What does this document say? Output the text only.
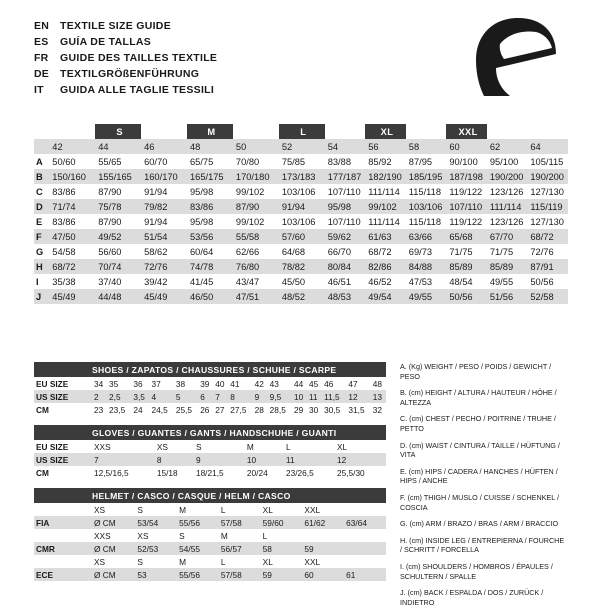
EN	TEXTILE SIZE GUIDE
ES	GUÍA DE TALLAS
FR	GUIDE DES TAILLES TEXTILE
DE	TEXTILGRÖßENFÜHRUNG
IT	GUIDA ALLE TAGLIE TESSILI
		S		M		L		XL		XXL		
	42	44	46	48	50	52	54	56	58	60	62	64
A	50/60	55/65	60/70	65/75	70/80	75/85	83/88	85/92	87/95	90/100	95/100	105/115
B	150/160	155/165	160/170	165/175	170/180	173/183	177/187	182/190	185/195	187/198	190/200	190/200
C	83/86	87/90	91/94	95/98	99/102	103/106	107/110	111/114	115/118	119/122	123/126	127/130
D	71/74	75/78	79/82	83/86	87/90	91/94	95/98	99/102	103/106	107/110	111/114	115/119
E	83/86	87/90	91/94	95/98	99/102	103/106	107/110	111/114	115/118	119/122	123/126	127/130
F	47/50	49/52	51/54	53/56	55/58	57/60	59/62	61/63	63/66	65/68	67/70	68/72
G	54/58	56/60	58/62	60/64	62/66	64/68	66/70	68/72	69/73	71/75	71/75	72/76
H	68/72	70/74	72/76	74/78	76/80	78/82	80/84	82/86	84/88	85/89	85/89	87/91
I	35/38	37/40	39/42	41/45	43/47	45/50	46/51	46/52	47/53	48/54	49/55	50/56
J	45/49	44/48	45/49	46/50	47/51	48/52	48/53	49/54	49/55	50/56	51/56	52/58
SHOES / ZAPATOS / CHAUSSURES / SCHUHE / SCARPE
EU SIZE	34	35	36	37	38	39	40	41	42	43	44	45	46	47	48
US SIZE	2	2,5	3,5	4	5	6	7	8	9	9,5	10	11	11,5	12	13
CM	23	23,5	24	24,5	25,5	26	27	27,5	28	28,5	29	30	30,5	31,5	32
GLOVES / GUANTES / GANTS / HANDSCHUHE / GUANTI
EU SIZE	XXS	XS	S	M	L	XL
US SIZE	7	8	9	10	11	12
CM	12,5/16,5	15/18	18/21,5	20/24	23/26,5	25,5/30
HELMET / CASCO / CASQUE / HELM / CASCO
	XS	S	M	L	XL	XXL	
FIA	Ø CM	53/54	55/56	57/58	59/60	61/62	63/64
	XXS	XS	S	M	L		
CMR	Ø CM	52/53	54/55	56/57	58	59	
	XS	S	M	L	XL	XXL	
ECE	Ø CM	53	55/56	57/58	59	60	61
A. (Kg) WEIGHT / PESO / POIDS / GEWICHT / PESO
B. (cm) HEIGHT / ALTURA / HAUTEUR / HÖHE / ALTEZZA
C. (cm) CHEST / PECHO / POITRINE / TRUHE / PETTO
D. (cm) WAIST / CINTURA / TAILLE / HÜFTUNG / VITA
E. (cm) HIPS / CADERA / HANCHES / HÜFTEN / HIPS / ANCHE
F. (cm) THIGH / MUSLO / CUISSE / SCHENKEL / COSCIA
G. (cm) ARM / BRAZO / BRAS / ARM / BRACCIO
H. (cm) INSIDE LEG / ENTREPIERNA / FOURCHE / SCHRITT / FORCELLA
I. (cm) SHOULDERS / HOMBROS / ÉPAULES / SCHULTERN / SPALLE
J. (cm) BACK / ESPALDA / DOS / ZURÜCK / INDIETRO
